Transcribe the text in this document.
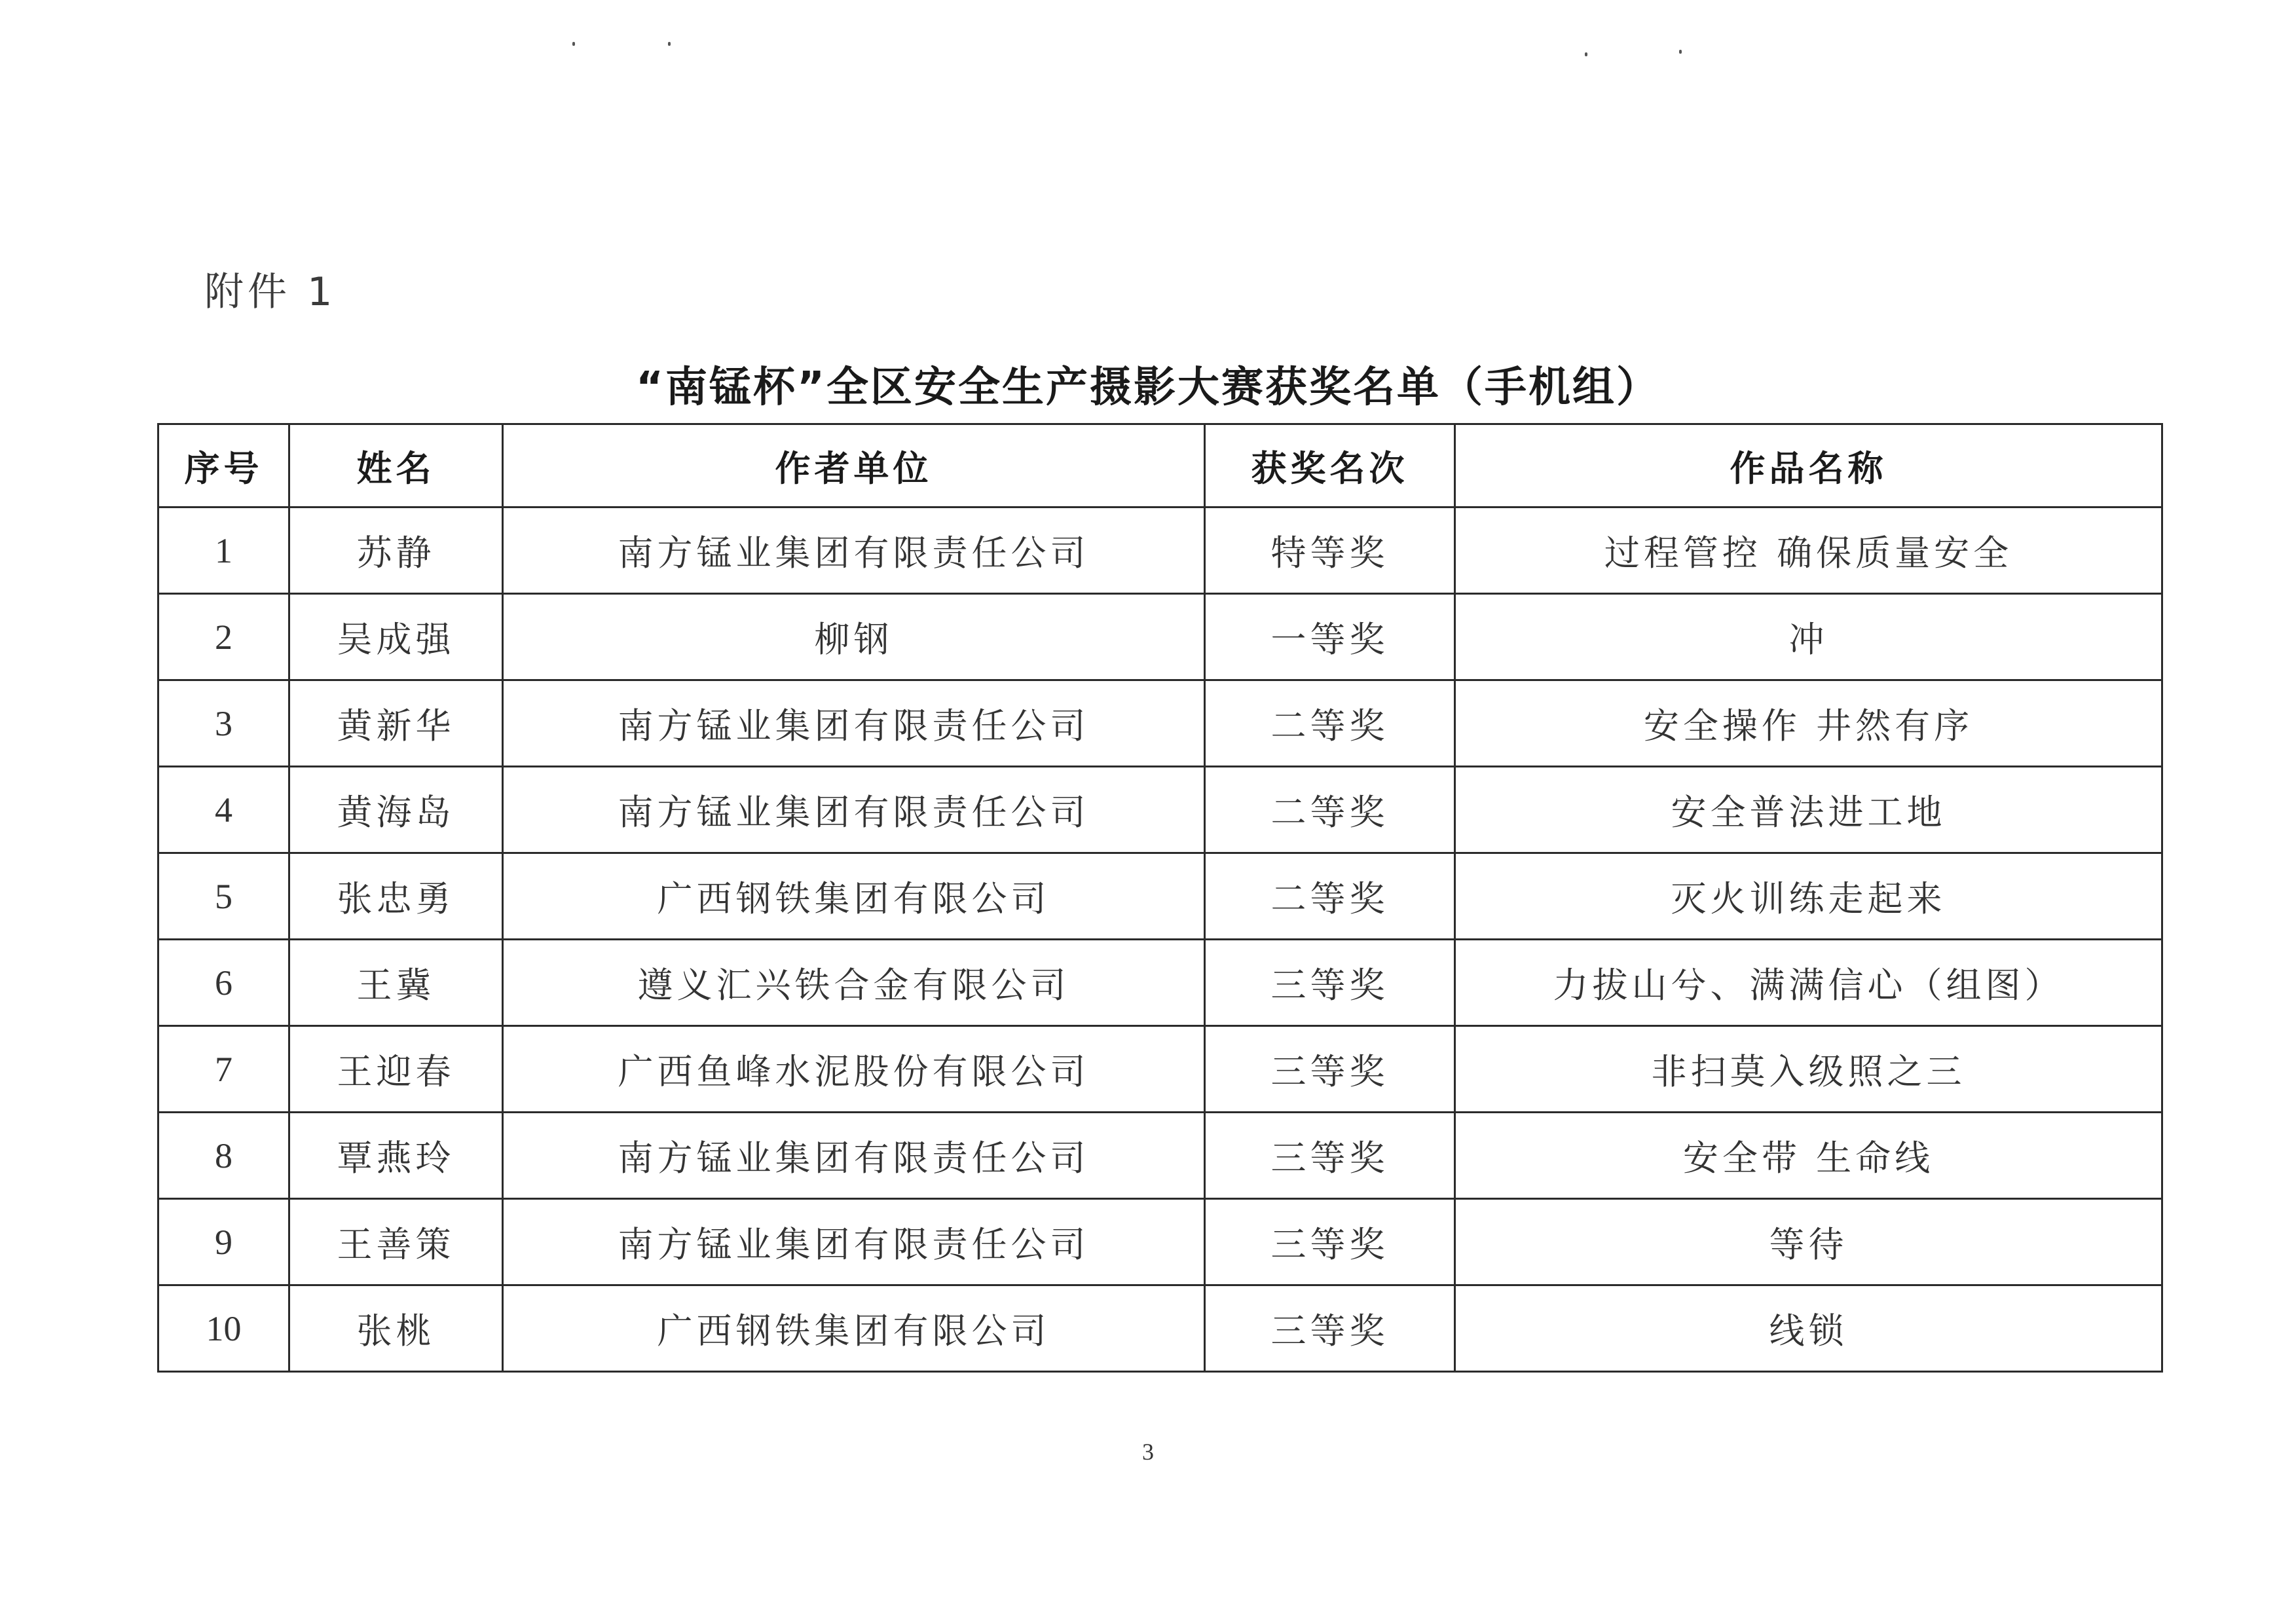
附件 1
“南锰杯”全区安全生产摄影大赛获奖名单（手机组）
序号	姓名	作者单位	获奖名次	作品名称
1	苏静	南方锰业集团有限责任公司	特等奖	过程管控 确保质量安全
2	吴成强	柳钢	一等奖	冲
3	黄新华	南方锰业集团有限责任公司	二等奖	安全操作 井然有序
4	黄海岛	南方锰业集团有限责任公司	二等奖	安全普法进工地
5	张忠勇	广西钢铁集团有限公司	二等奖	灭火训练走起来
6	王冀	遵义汇兴铁合金有限公司	三等奖	力拔山兮、满满信心（组图）
7	王迎春	广西鱼峰水泥股份有限公司	三等奖	非扫莫入级照之三
8	覃燕玲	南方锰业集团有限责任公司	三等奖	安全带 生命线
9	王善策	南方锰业集团有限责任公司	三等奖	等待
10	张桃	广西钢铁集团有限公司	三等奖	线锁
3
